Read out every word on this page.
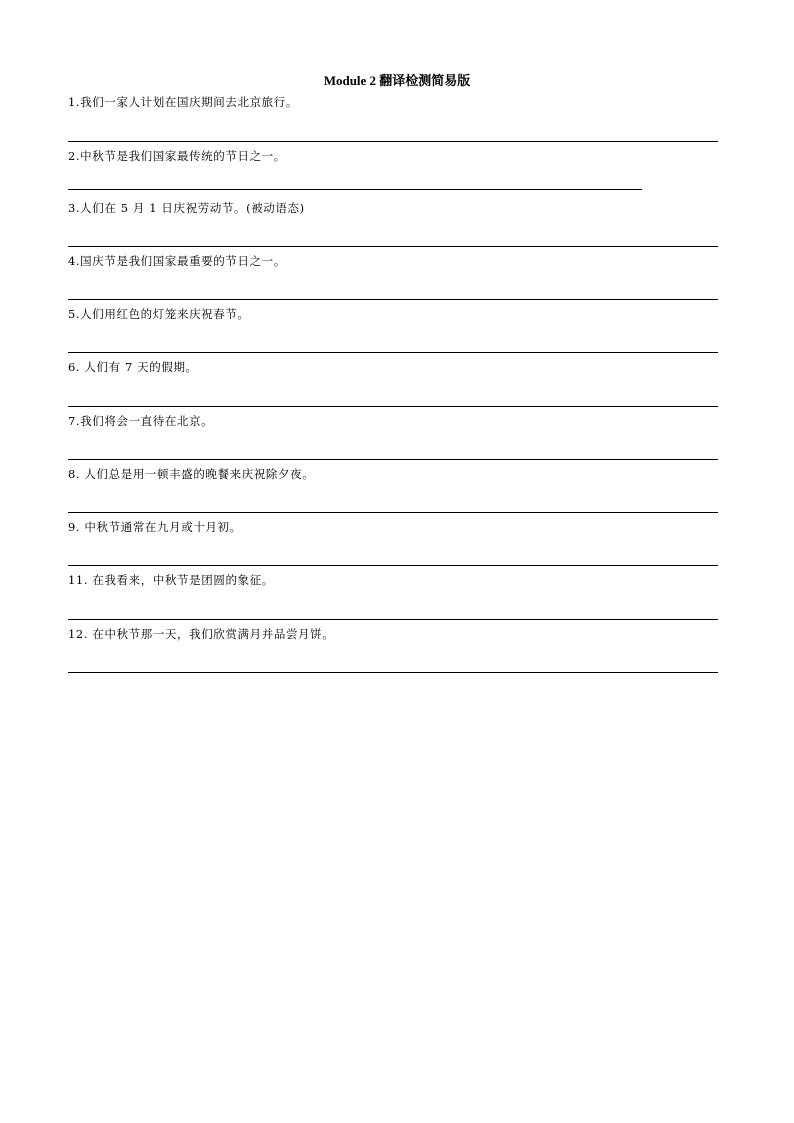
Module 2 翻译检测简易版
1.我们一家人计划在国庆期间去北京旅行。
2.中秋节是我们国家最传统的节日之一。
3.人们在 5 月 1 日庆祝劳动节。(被动语态)
4.国庆节是我们国家最重要的节日之一。
5.人们用红色的灯笼来庆祝春节。
6. 人们有 7 天的假期。
7.我们将会一直待在北京。
8. 人们总是用一顿丰盛的晚餐来庆祝除夕夜。
9. 中秋节通常在九月或十月初。
11. 在我看来，中秋节是团圆的象征。
12. 在中秋节那一天，我们欣赏满月并品尝月饼。
